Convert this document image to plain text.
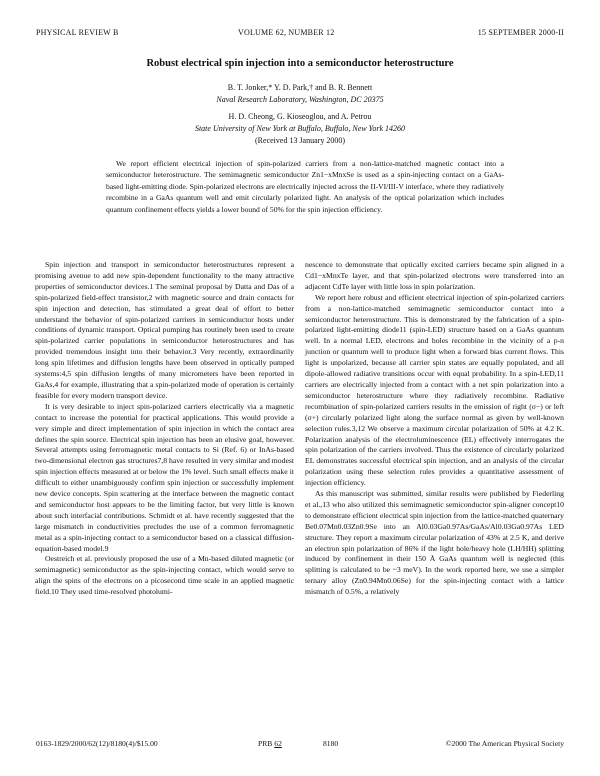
PHYSICAL REVIEW B	VOLUME 62, NUMBER 12	15 SEPTEMBER 2000-II
Robust electrical spin injection into a semiconductor heterostructure
B. T. Jonker,* Y. D. Park,† and B. R. Bennett
Naval Research Laboratory, Washington, DC 20375
H. D. Cheong, G. Kioseoglou, and A. Petrou
State University of New York at Buffalo, Buffalo, New York 14260
(Received 13 January 2000)

We report efficient electrical injection of spin-polarized carriers from a non-lattice-matched magnetic contact into a semiconductor heterostructure. The semimagnetic semiconductor Zn1−xMnxSe is used as a spin-injecting contact on a GaAs-based light-emitting diode. Spin-polarized electrons are electrically injected across the II-VI/III-V interface, where they radiatively recombine in a GaAs quantum well and emit circularly polarized light. An analysis of the optical polarization which includes quantum confinement effects yields a lower bound of 50% for the spin injection efficiency.

Spin injection and transport in semiconductor heterostructures represent a promising avenue to add new spin-dependent functionality to the many attractive properties of semiconductor devices.1 The seminal proposal by Datta and Das of a spin-polarized field-effect transistor,2 with magnetic source and drain contacts for spin injection and detection, has stimulated a great deal of effort to better understand the behavior of spin-polarized carriers in semiconductor hosts under conditions of dynamic transport. Optical pumping has routinely been used to create spin-polarized carrier populations in semiconductor heterostructures and has provided tremendous insight into their behavior.3 Very recently, extraordinarily long spin lifetimes and diffusion lengths have been observed in optically pumped systems:4,5 spin diffusion lengths of many micrometers have been reported in GaAs,4 for example, illustrating that a spin-polarized mode of operation is certainly feasible for every modern transport device.

It is very desirable to inject spin-polarized carriers electrically via a magnetic contact to increase the potential for practical applications. This would provide a very simple and direct implementation of spin injection in which the contact area defines the spin source. Electrical spin injection has been an elusive goal, however. Several attempts using ferromagnetic metal contacts to Si (Ref. 6) or InAs-based two-dimensional electron gas structures7,8 have resulted in very similar and modest spin injection effects measured at or below the 1% level. Such small effects make it difficult to either unambiguously confirm spin injection or successfully implement new device concepts. Spin scattering at the interface between the magnetic contact and semiconductor host appears to be the limiting factor, but very little is known about such interfacial contributions. Schmidt et al. have recently suggested that the large mismatch in conductivities precludes the use of a common ferromagnetic metal as a spin-injecting contact to a semiconductor based on a classical diffusion-equation-based model.9

Oestreich et al. previously proposed the use of a Mn-based diluted magnetic (or semimagnetic) semiconductor as the spin-injecting contact, which would serve to align the spins of the electrons on a picosecond time scale in an applied magnetic field.10 They used time-resolved photolumi-

nescence to demonstrate that optically excited carriers became spin aligned in a Cd1−xMnxTe layer, and that spin-polarized electrons were transferred into an adjacent CdTe layer with little loss in spin polarization.

We report here robust and efficient electrical injection of spin-polarized carriers from a non-lattice-matched semimagnetic semiconductor contact into a semiconductor heterostructure. This is demonstrated by the fabrication of a spin-polarized light-emitting diode11 (spin-LED) structure based on a GaAs quantum well. In a normal LED, electrons and holes recombine in the vicinity of a p-n junction or quantum well to produce light when a forward bias current flows. This light is unpolarized, because all carrier spin states are equally populated, and all dipole-allowed radiative transitions occur with equal probability. In a spin-LED,11 carriers are electrically injected from a contact with a net spin polarization into a semiconductor heterostructure where they radiatively recombine. Radiative recombination of spin-polarized carriers results in the emission of right (σ−) or left (σ+) circularly polarized light along the surface normal as given by well-known selection rules.3,12 We observe a maximum circular polarization of 50% at 4.2 K. Polarization analysis of the electroluminescence (EL) effectively interrogates the spin polarization of the carriers involved. Thus the existence of circularly polarized EL demonstrates successful electrical spin injection, and an analysis of the circular polarization using these selection rules provides a quantitative assessment of injection efficiency.

As this manuscript was submitted, similar results were published by Fiederling et al.,13 who also utilized this semimagnetic semiconductor spin-aligner concept10 to demonstrate efficient electrical spin injection from the lattice-matched quaternary Be0.07Mn0.03Zn0.9Se into an Al0.03Ga0.97As/GaAs/Al0.03Ga0.97As LED structure. They report a maximum circular polarization of 43% at 2.5 K, and derive an electron spin polarization of 86% if the light hole/heavy hole (LH/HH) splitting induced by confinement in their 150 Å GaAs quantum well is neglected (this splitting is calculated to be ~3 meV). In the work reported here, we use a simpler ternary alloy (Zn0.94Mn0.06Se) for the spin-injecting contact with a lattice mismatch of 0.5%, a relatively

0163-1829/2000/62(12)/8180(4)/$15.00	PRB 62	8180	©2000 The American Physical Society
